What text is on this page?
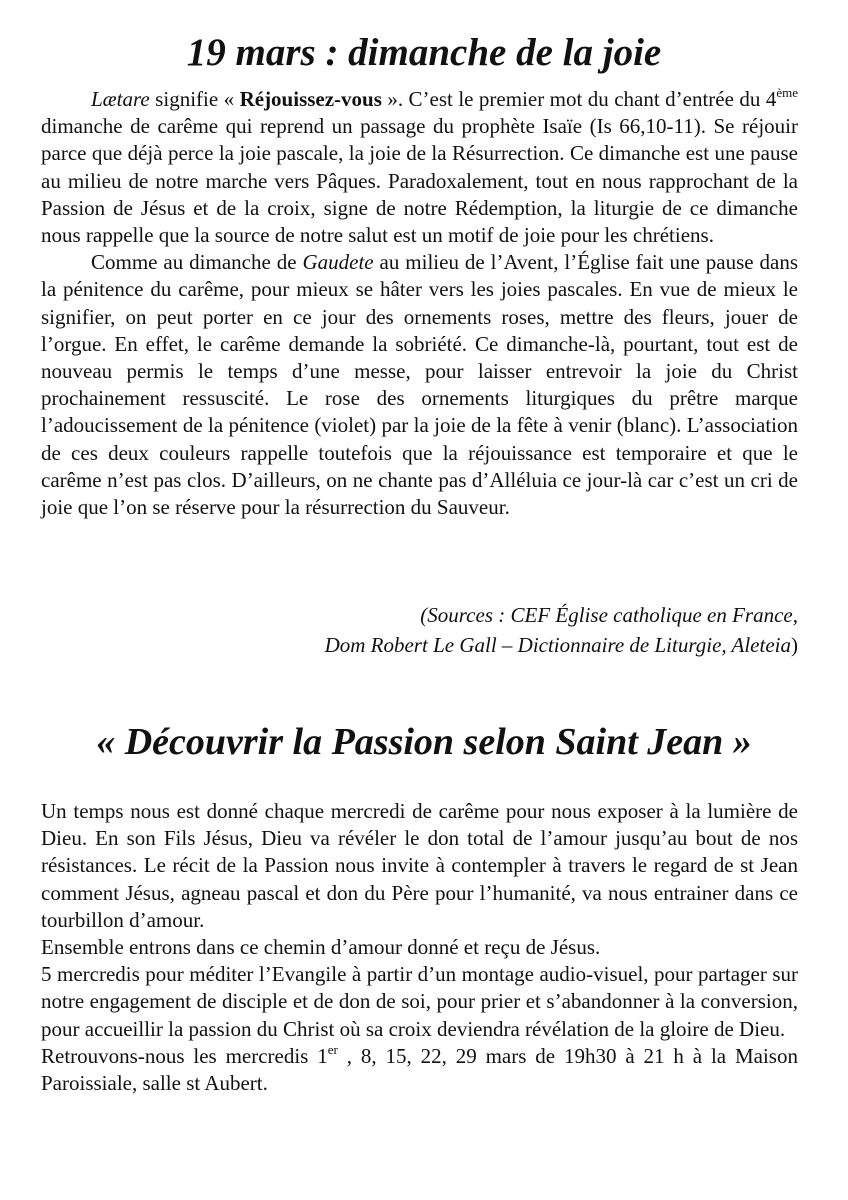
19 mars : dimanche de la joie

Lætare signifie « Réjouissez-vous ». C’est le premier mot du chant d’entrée du 4ème dimanche de carême qui reprend un passage du prophète Isaïe (Is 66,10-11). Se réjouir parce que déjà perce la joie pascale, la joie de la Résurrection. Ce dimanche est une pause au milieu de notre marche vers Pâques. Paradoxalement, tout en nous rapprochant de la Passion de Jésus et de la croix, signe de notre Rédemption, la liturgie de ce dimanche nous rappelle que la source de notre salut est un motif de joie pour les chrétiens.

Comme au dimanche de Gaudete au milieu de l’Avent, l’Église fait une pause dans la pénitence du carême, pour mieux se hâter vers les joies pascales. En vue de mieux le signifier, on peut porter en ce jour des ornements roses, mettre des fleurs, jouer de l’orgue. En effet, le carême demande la sobriété. Ce dimanche-là, pourtant, tout est de nouveau permis le temps d’une messe, pour laisser entrevoir la joie du Christ prochainement ressuscité. Le rose des ornements liturgiques du prêtre marque l’adoucissement de la pénitence (violet) par la joie de la fête à venir (blanc). L’association de ces deux couleurs rappelle toutefois que la réjouissance est temporaire et que le carême n’est pas clos. D’ailleurs, on ne chante pas d’Alléluia ce jour-là car c’est un cri de joie que l’on se réserve pour la résurrection du Sauveur.

(Sources : CEF Église catholique en France,
Dom Robert Le Gall – Dictionnaire de Liturgie, Aleteia)
« Découvrir la Passion selon Saint Jean »

Un temps nous est donné chaque mercredi de carême pour nous exposer à la lumière de Dieu. En son Fils Jésus, Dieu va révéler le don total de l’amour jusqu’au bout de nos résistances. Le récit de la Passion nous invite à contempler à travers le regard de st Jean comment Jésus, agneau pascal et don du Père pour l’humanité, va nous entrainer dans ce tourbillon d’amour.

Ensemble entrons dans ce chemin d’amour donné et reçu de Jésus.

5 mercredis pour méditer l’Evangile à partir d’un montage audio-visuel, pour partager sur notre engagement de disciple et de don de soi, pour prier et s’abandonner à la conversion, pour accueillir la passion du Christ où sa croix deviendra révélation de la gloire de Dieu.

Retrouvons-nous les mercredis 1er , 8, 15, 22, 29 mars de 19h30 à 21 h à la Maison Paroissiale, salle st Aubert.
